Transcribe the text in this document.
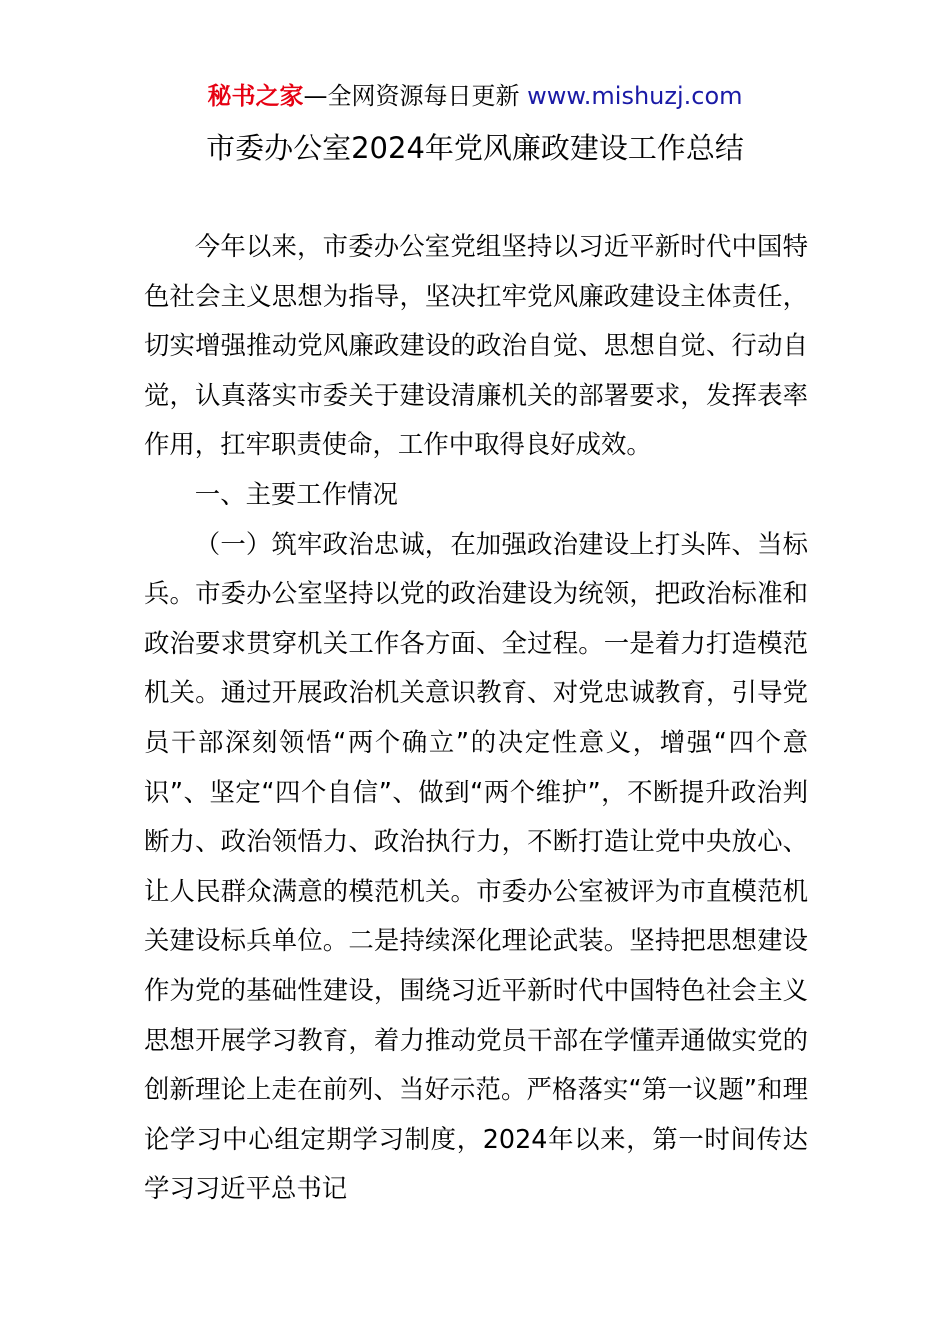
秘书之家—全网资源每日更新 www.mishuzj.com
市委办公室2024年党风廉政建设工作总结

今年以来，市委办公室党组坚持以习近平新时代中国特色社会主义思想为指导，坚决扛牢党风廉政建设主体责任，切实增强推动党风廉政建设的政治自觉、思想自觉、行动自觉，认真落实市委关于建设清廉机关的部署要求，发挥表率作用，扛牢职责使命，工作中取得良好成效。

一、主要工作情况

（一）筑牢政治忠诚，在加强政治建设上打头阵、当标兵。市委办公室坚持以党的政治建设为统领，把政治标准和政治要求贯穿机关工作各方面、全过程。一是着力打造模范机关。通过开展政治机关意识教育、对党忠诚教育，引导党员干部深刻领悟“两个确立”的决定性意义，增强“四个意识”、坚定“四个自信”、做到“两个维护”，不断提升政治判断力、政治领悟力、政治执行力，不断打造让党中央放心、让人民群众满意的模范机关。市委办公室被评为市直模范机关建设标兵单位。二是持续深化理论武装。坚持把思想建设作为党的基础性建设，围绕习近平新时代中国特色社会主义思想开展学习教育，着力推动党员干部在学懂弄通做实党的创新理论上走在前列、当好示范。严格落实“第一议题”和理论学习中心组定期学习制度，2024年以来，第一时间传达学习习近平总书记
